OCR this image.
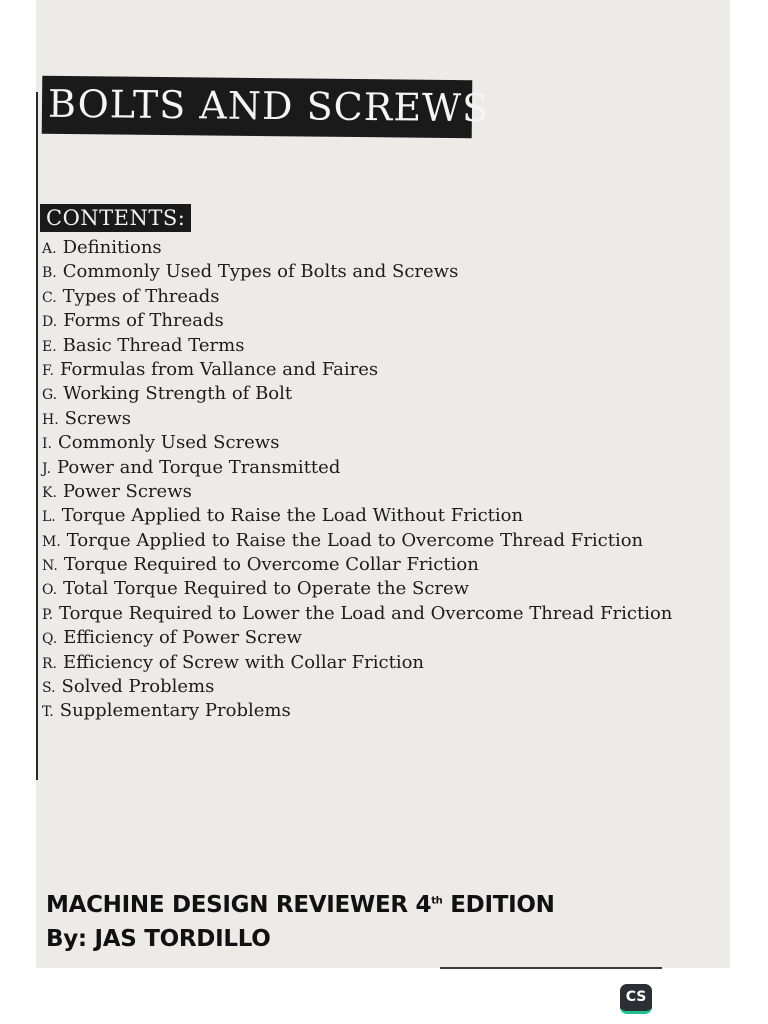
BOLTS AND SCREWS
CONTENTS:
A. Definitions
B. Commonly Used Types of Bolts and Screws
C. Types of Threads
D. Forms of Threads
E. Basic Thread Terms
F. Formulas from Vallance and Faires
G. Working Strength of Bolt
H. Screws
I. Commonly Used Screws
J. Power and Torque Transmitted
K. Power Screws
L. Torque Applied to Raise the Load Without Friction
M. Torque Applied to Raise the Load to Overcome Thread Friction
N. Torque Required to Overcome Collar Friction
O. Total Torque Required to Operate the Screw
P. Torque Required to Lower the Load and Overcome Thread Friction
Q. Efficiency of Power Screw
R. Efficiency of Screw with Collar Friction
S. Solved Problems
T. Supplementary Problems
MACHINE DESIGN REVIEWER 4th EDITION
By: JAS TORDILLO
CS
